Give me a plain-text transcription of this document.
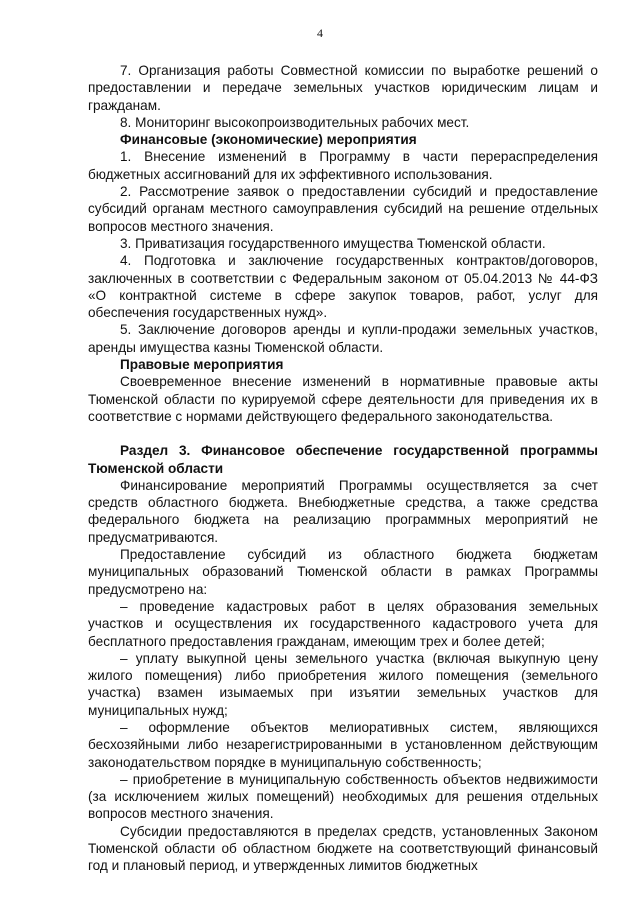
4

7. Организация работы Совместной комиссии по выработке решений о предоставлении и передаче земельных участков юридическим лицам и гражданам.

8. Мониторинг высокопроизводительных рабочих мест.

Финансовые (экономические) мероприятия

1. Внесение изменений в Программу в части перераспределения бюджетных ассигнований для их эффективного использования.

2. Рассмотрение заявок о предоставлении субсидий и предоставление субсидий органам местного самоуправления субсидий на решение отдельных вопросов местного значения.

3. Приватизация государственного имущества Тюменской области.

4. Подготовка и заключение государственных контрактов/договоров, заключенных в соответствии с Федеральным законом от 05.04.2013 № 44-ФЗ «О контрактной системе в сфере закупок товаров, работ, услуг для обеспечения государственных нужд».

5. Заключение договоров аренды и купли-продажи земельных участков, аренды имущества казны Тюменской области.

Правовые мероприятия

Своевременное внесение изменений в нормативные правовые акты Тюменской области по курируемой сфере деятельности для приведения их в соответствие с нормами действующего федерального законодательства.

Раздел 3. Финансовое обеспечение государственной программы Тюменской области

Финансирование мероприятий Программы осуществляется за счет средств областного бюджета. Внебюджетные средства, а также средства федерального бюджета на реализацию программных мероприятий не предусматриваются.

Предоставление субсидий из областного бюджета бюджетам муниципальных образований Тюменской области в рамках Программы предусмотрено на:

– проведение кадастровых работ в целях образования земельных участков и осуществления их государственного кадастрового учета для бесплатного предоставления гражданам, имеющим трех и более детей;

– уплату выкупной цены земельного участка (включая выкупную цену жилого помещения) либо приобретения жилого помещения (земельного участка) взамен изымаемых при изъятии земельных участков для муниципальных нужд;

– оформление объектов мелиоративных систем, являющихся бесхозяйными либо незарегистрированными в установленном действующим законодательством порядке в муниципальную собственность;

– приобретение в муниципальную собственность объектов недвижимости (за исключением жилых помещений) необходимых для решения отдельных вопросов местного значения.

Субсидии предоставляются в пределах средств, установленных Законом Тюменской области об областном бюджете на соответствующий финансовый год и плановый период, и утвержденных лимитов бюджетных
